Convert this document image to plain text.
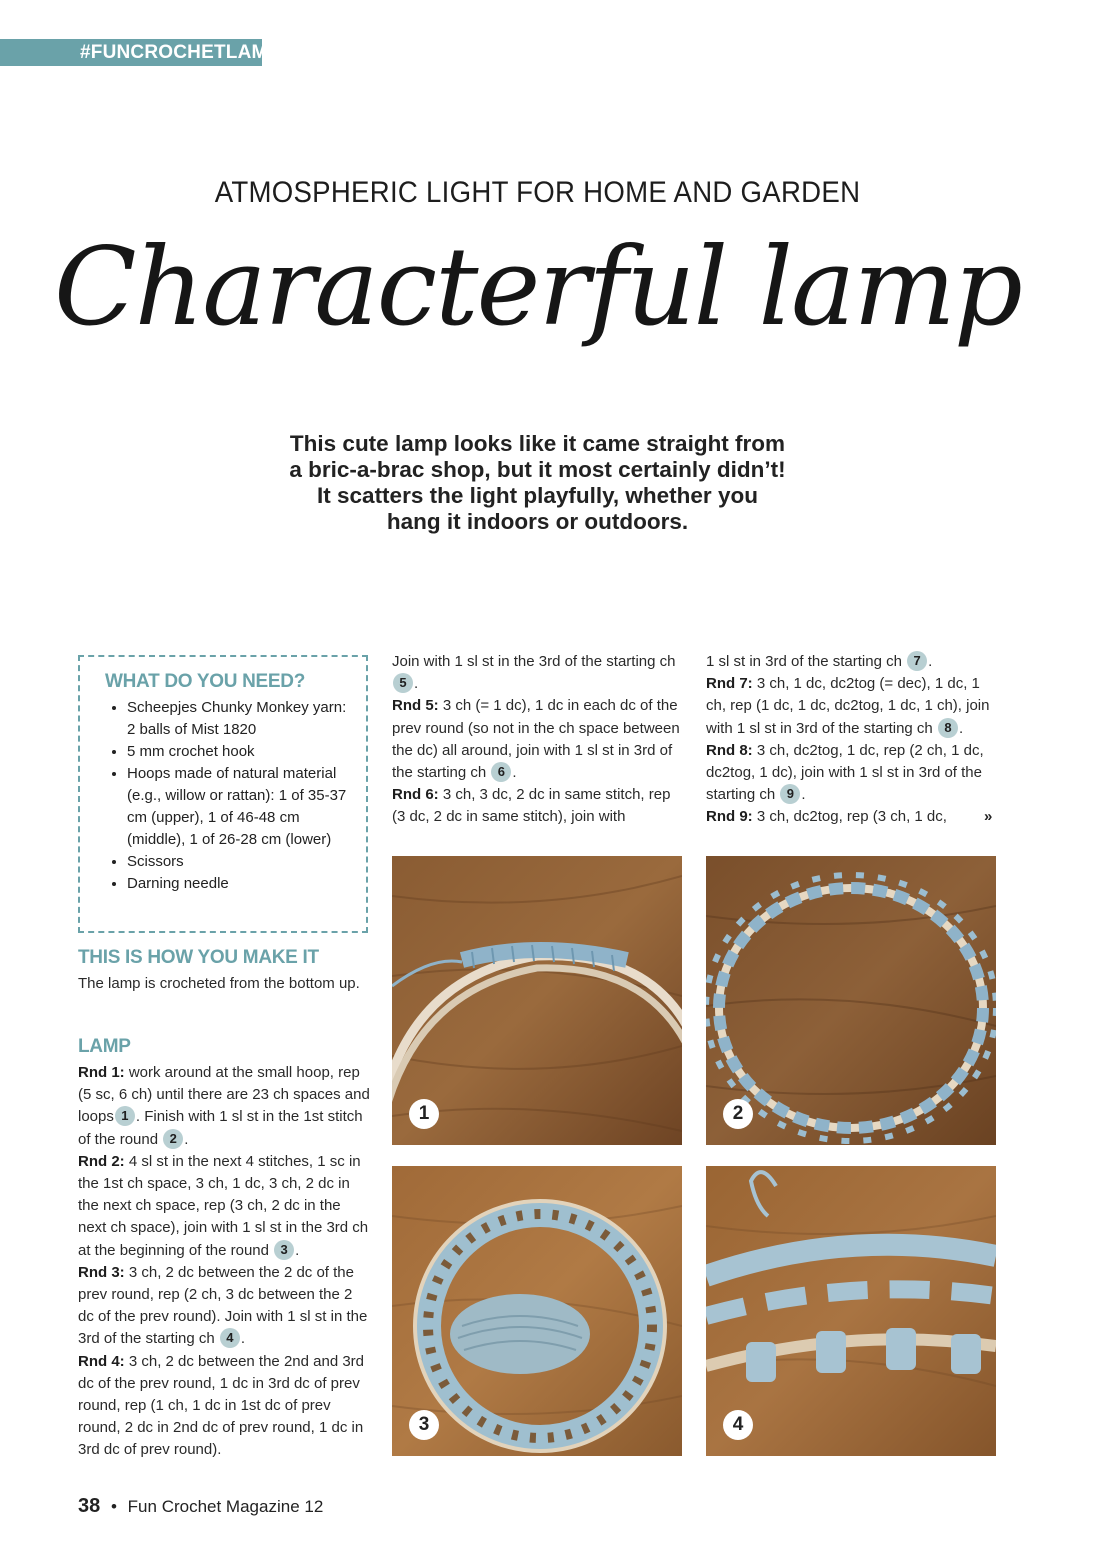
#FUNCROCHETLAMP
ATMOSPHERIC LIGHT FOR HOME AND GARDEN
Characterful lamp
This cute lamp looks like it came straight from
a bric-a-brac shop, but it most certainly didn’t!
It scatters the light playfully, whether you
hang it indoors or outdoors.
WHAT DO YOU NEED?
• Scheepjes Chunky Monkey yarn: 2 balls of Mist 1820
• 5 mm crochet hook
• Hoops made of natural material (e.g., willow or rattan): 1 of 35-37 cm (upper), 1 of 46-48 cm (middle), 1 of 26-28 cm (lower)
• Scissors
• Darning needle
THIS IS HOW YOU MAKE IT

The lamp is crocheted from the bottom up.

LAMP
Rnd 1: work around at the small hoop, rep (5 sc, 6 ch) until there are 23 ch spaces and loops 1 . Finish with 1 sl st in the 1st stitch of the round 2 .
Rnd 2: 4 sl st in the next 4 stitches, 1 sc in the 1st ch space, 3 ch, 1 dc, 3 ch, 2 dc in the next ch space, rep (3 ch, 2 dc in the next ch space), join with 1 sl st in the 3rd ch at the beginning of the round 3 .
Rnd 3: 3 ch, 2 dc between the 2 dc of the prev round, rep (2 ch, 3 dc between the 2 dc of the prev round). Join with 1 sl st in the 3rd of the starting ch 4 .
Rnd 4: 3 ch, 2 dc between the 2nd and 3rd dc of the prev round, 1 dc in 3rd dc of prev round, rep (1 ch, 1 dc in 1st dc of prev round, 2 dc in 2nd dc of prev round, 1 dc in 3rd dc of prev round).
Join with 1 sl st in the 3rd of the starting ch 5 .
Rnd 5: 3 ch (= 1 dc), 1 dc in each dc of the prev round (so not in the ch space between the dc) all around, join with 1 sl st in 3rd of the starting ch 6 .
Rnd 6: 3 ch, 3 dc, 2 dc in same stitch, rep (3 dc, 2 dc in same stitch), join with
1 sl st in 3rd of the starting ch 7 .
Rnd 7: 3 ch, 1 dc, dc2tog (= dec), 1 dc, 1 ch, rep (1 dc, 1 dc, dc2tog, 1 dc, 1 ch), join with 1 sl st in 3rd of the starting ch 8 .
Rnd 8: 3 ch, dc2tog, 1 dc, rep (2 ch, 1 dc, dc2tog, 1 dc), join with 1 sl st in 3rd of the starting ch 9 .
Rnd 9: 3 ch, dc2tog, rep (3 ch, 1 dc,	»
1	2
3	4
38 • Fun Crochet Magazine 12
